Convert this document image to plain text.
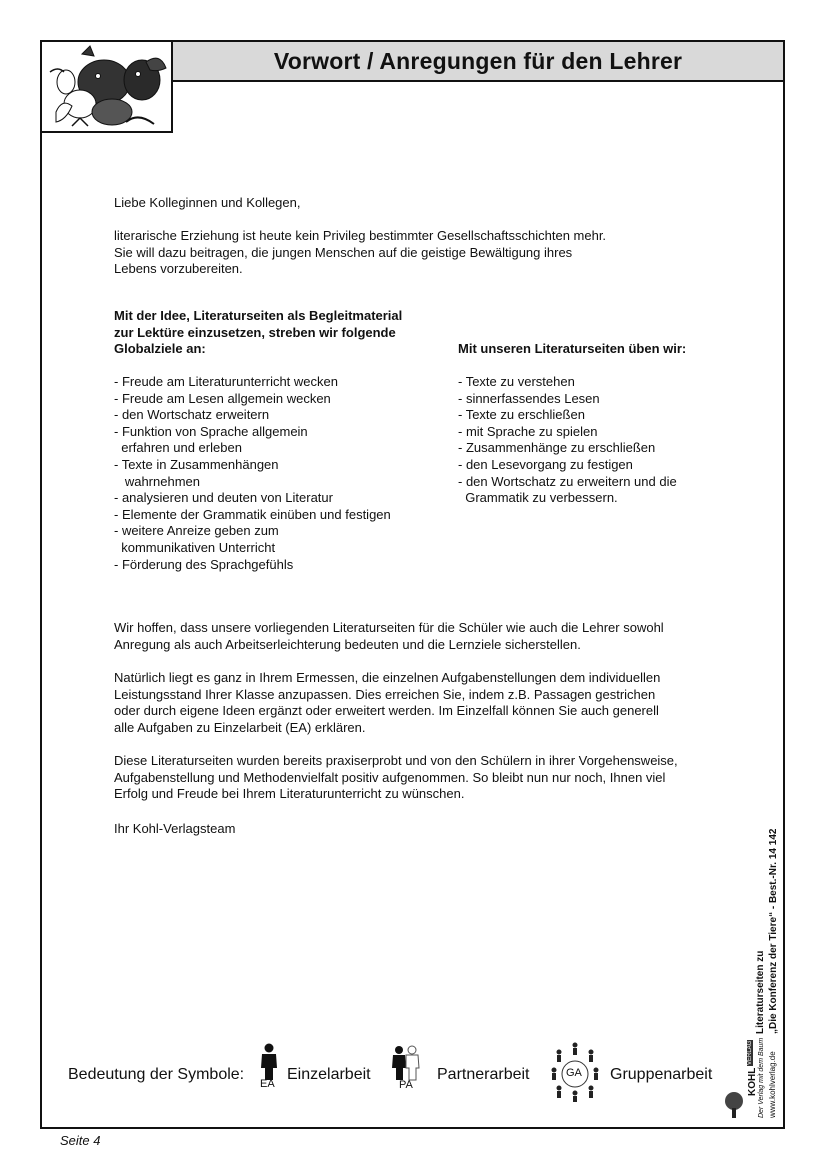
Vorwort / Anregungen für den Lehrer

Liebe Kolleginnen und Kollegen,

literarische Erziehung ist heute kein Privileg bestimmter Gesellschaftsschichten mehr.
Sie will dazu beitragen, die jungen Menschen auf die geistige Bewältigung ihres
Lebens vorzubereiten.
Mit der Idee, Literaturseiten als Begleitmaterial
zur Lektüre einzusetzen, streben wir folgende
Globalziele an:
- Freude am Literaturunterricht wecken
- Freude am Lesen allgemein wecken
- den Wortschatz erweitern
- Funktion von Sprache allgemein
erfahren und erleben
- Texte in Zusammenhängen
wahrnehmen
- analysieren und deuten von Literatur
- Elemente der Grammatik einüben und festigen
- weitere Anreize geben zum
kommunikativen Unterricht
- Förderung des Sprachgefühls

Mit unseren Literaturseiten üben wir:

- Texte zu verstehen
- sinnerfassendes Lesen
- Texte zu erschließen
- mit Sprache zu spielen
- Zusammenhänge zu erschließen
- den Lesevorgang zu festigen
- den Wortschatz zu erweitern und die
Grammatik zu verbessern.
Wir hoffen, dass unsere vorliegenden Literaturseiten für die Schüler wie auch die Lehrer sowohl
Anregung als auch Arbeitserleichterung bedeuten und die Lernziele sicherstellen.
Natürlich liegt es ganz in Ihrem Ermessen, die einzelnen Aufgabenstellungen dem individuellen
Leistungsstand Ihrer Klasse anzupassen. Dies erreichen Sie, indem z.B. Passagen gestrichen
oder durch eigene Ideen ergänzt oder erweitert werden. Im Einzelfall können Sie auch generell
alle Aufgaben zu Einzelarbeit (EA) erklären.
Diese Literaturseiten wurden bereits praxiserprobt und von den Schülern in ihrer Vorgehensweise,
Aufgabenstellung und Methodenvielfalt positiv aufgenommen. So bleibt nun nur noch, Ihnen viel
Erfolg und Freude bei Ihrem Literaturunterricht zu wünschen.

Ihr Kohl-Verlagsteam

Bedeutung der Symbole:
EA
Einzelarbeit
PA
Partnerarbeit	GA Gruppenarbeit
Literaturseiten zu „Die Konferenz der Tiere“ - Best.-Nr. 14 142
www.kohlverlag.de
Der Verlag mit dem Baum
KOHL
VERLAG
Seite 4
